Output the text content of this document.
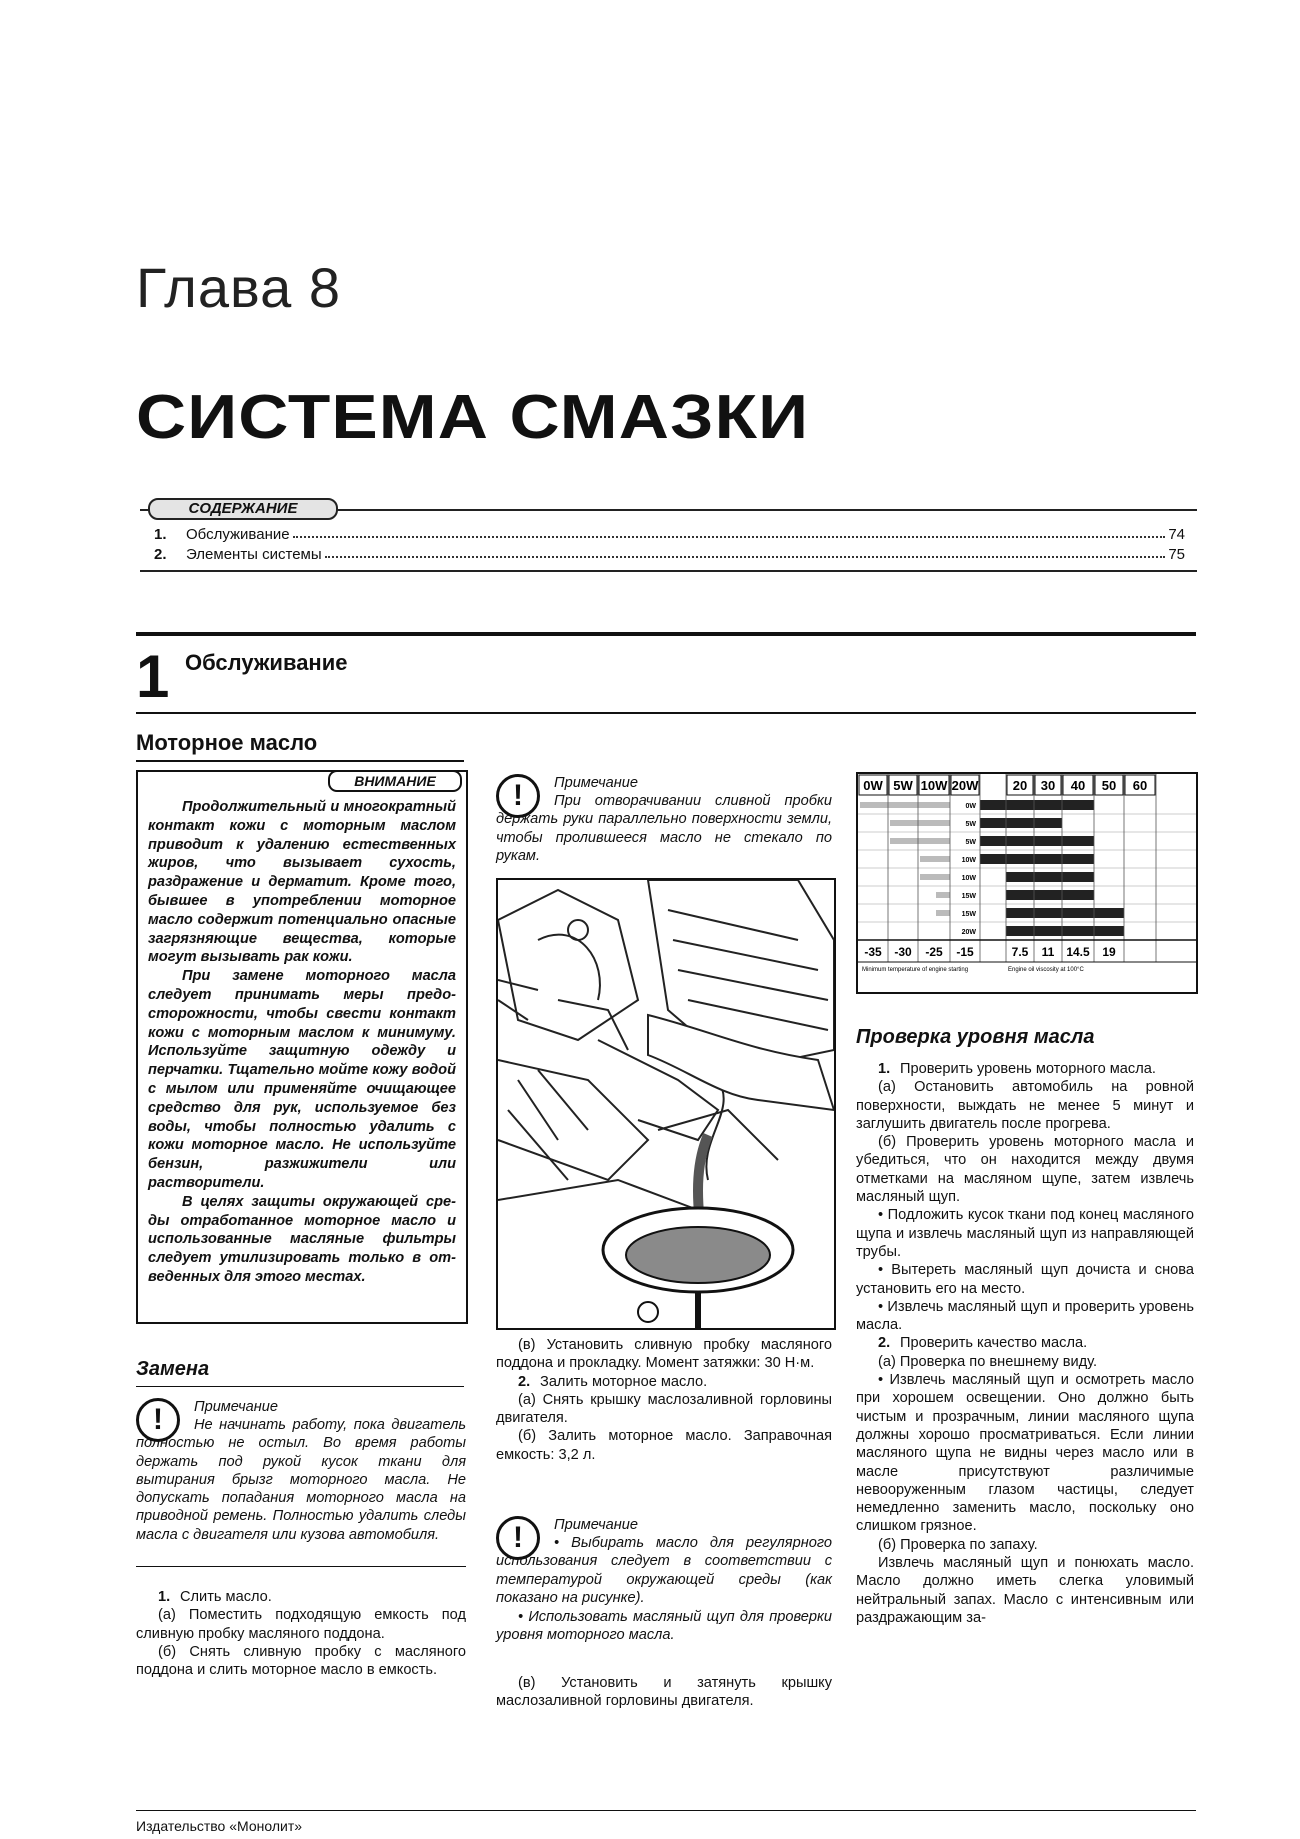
Глава 8
СИСТЕМА СМАЗКИ
СОДЕРЖАНИЕ
1.	Обслуживание	74
2.	Элементы системы	75
1 Обслуживание
Моторное масло
ВНИМАНИЕ

Продолжительный и многократный контакт кожи с моторным маслом приводит к удалению естественных жиров, что вызывает сухость, раздражение и дерматит. Кроме того, бывшее в употреблении моторное масло содержит потенциально опасные загрязняющие вещества, которые могут вызывать рак кожи.

При замене моторного масла следует принимать меры предосторожности, чтобы свести контакт кожи с моторным маслом к минимуму. Используйте защитную одежду и перчатки. Тщательно мойте кожу водой с мылом или применяйте очищающее средство для рук, используемое без воды, чтобы полностью удалить с кожи моторное масло. Не используйте бензин, разжижители или растворители.

В целях защиты окружающей среды отработанное моторное масло и использованные масляные фильтры следует утилизировать только в отведенных для этого местах.

Замена
!	Примечание
Не начинать работу, пока двигатель полностью не остыл. Во время работы держать под рукой кусок ткани для вытирания брызг моторного масла. Не допускать попадания моторного масла на приводной ремень. Полностью удалить следы масла с двигателя или кузова автомобиля.

1. Слить масло.

(а) Поместить подходящую емкость под сливную пробку масляного поддона.

(б) Снять сливную пробку с масляного поддона и слить моторное масло в емкость.

!	Примечание
При отворачивании сливной пробки держать руки параллельно поверхности земли, чтобы пролившееся масло не стекало по рукам.

(в) Установить сливную пробку масляного поддона и прокладку. Момент затяжки: 30 Н·м.

2. Залить моторное масло.

(а) Снять крышку маслозаливной горловины двигателя.

(б) Залить моторное масло. Заправочная емкость: 3,2 л.

!	Примечание
• Выбирать масло для регулярного использования следует в соответствии с температурой окружающей среды (как показано на рисунке).
• Использовать масляный щуп для проверки уровня моторного масла.

(в) Установить и затянуть крышку маслозаливной горловины двигателя.

0W 5W 10W 20W	20 30 40 50 60
0W
5W
5W
10W
10W
15W
15W
20W
-35 -30 -25 -15	7.5 11 14.5 19
Minimum temperature of engine starting	Engine oil viscosity at 100°C
Проверка уровня масла

1. Проверить уровень моторного масла.

(а) Остановить автомобиль на ровной поверхности, выждать не менее 5 минут и заглушить двигатель после прогрева.

(б) Проверить уровень моторного масла и убедиться, что он находится между двумя отметками на масляном щупе, затем извлечь масляный щуп.

• Подложить кусок ткани под конец масляного щупа и извлечь масляный щуп из направляющей трубы.

• Вытереть масляный щуп дочиста и снова установить его на место.

• Извлечь масляный щуп и проверить уровень масла.

2. Проверить качество масла.

(а) Проверка по внешнему виду.

• Извлечь масляный щуп и осмотреть масло при хорошем освещении. Оно должно быть чистым и прозрачным, линии масляного щупа должны хорошо просматриваться. Если линии масляного щупа не видны через масло или в масле присутствуют различимые невооруженным глазом частицы, следует немедленно заменить масло, поскольку оно слишком грязное.

(б) Проверка по запаху.

Извлечь масляный щуп и понюхать масло. Масло должно иметь слегка уловимый нейтральный запах. Масло с интенсивным или раздражающим за-

Издательство «Монолит»
